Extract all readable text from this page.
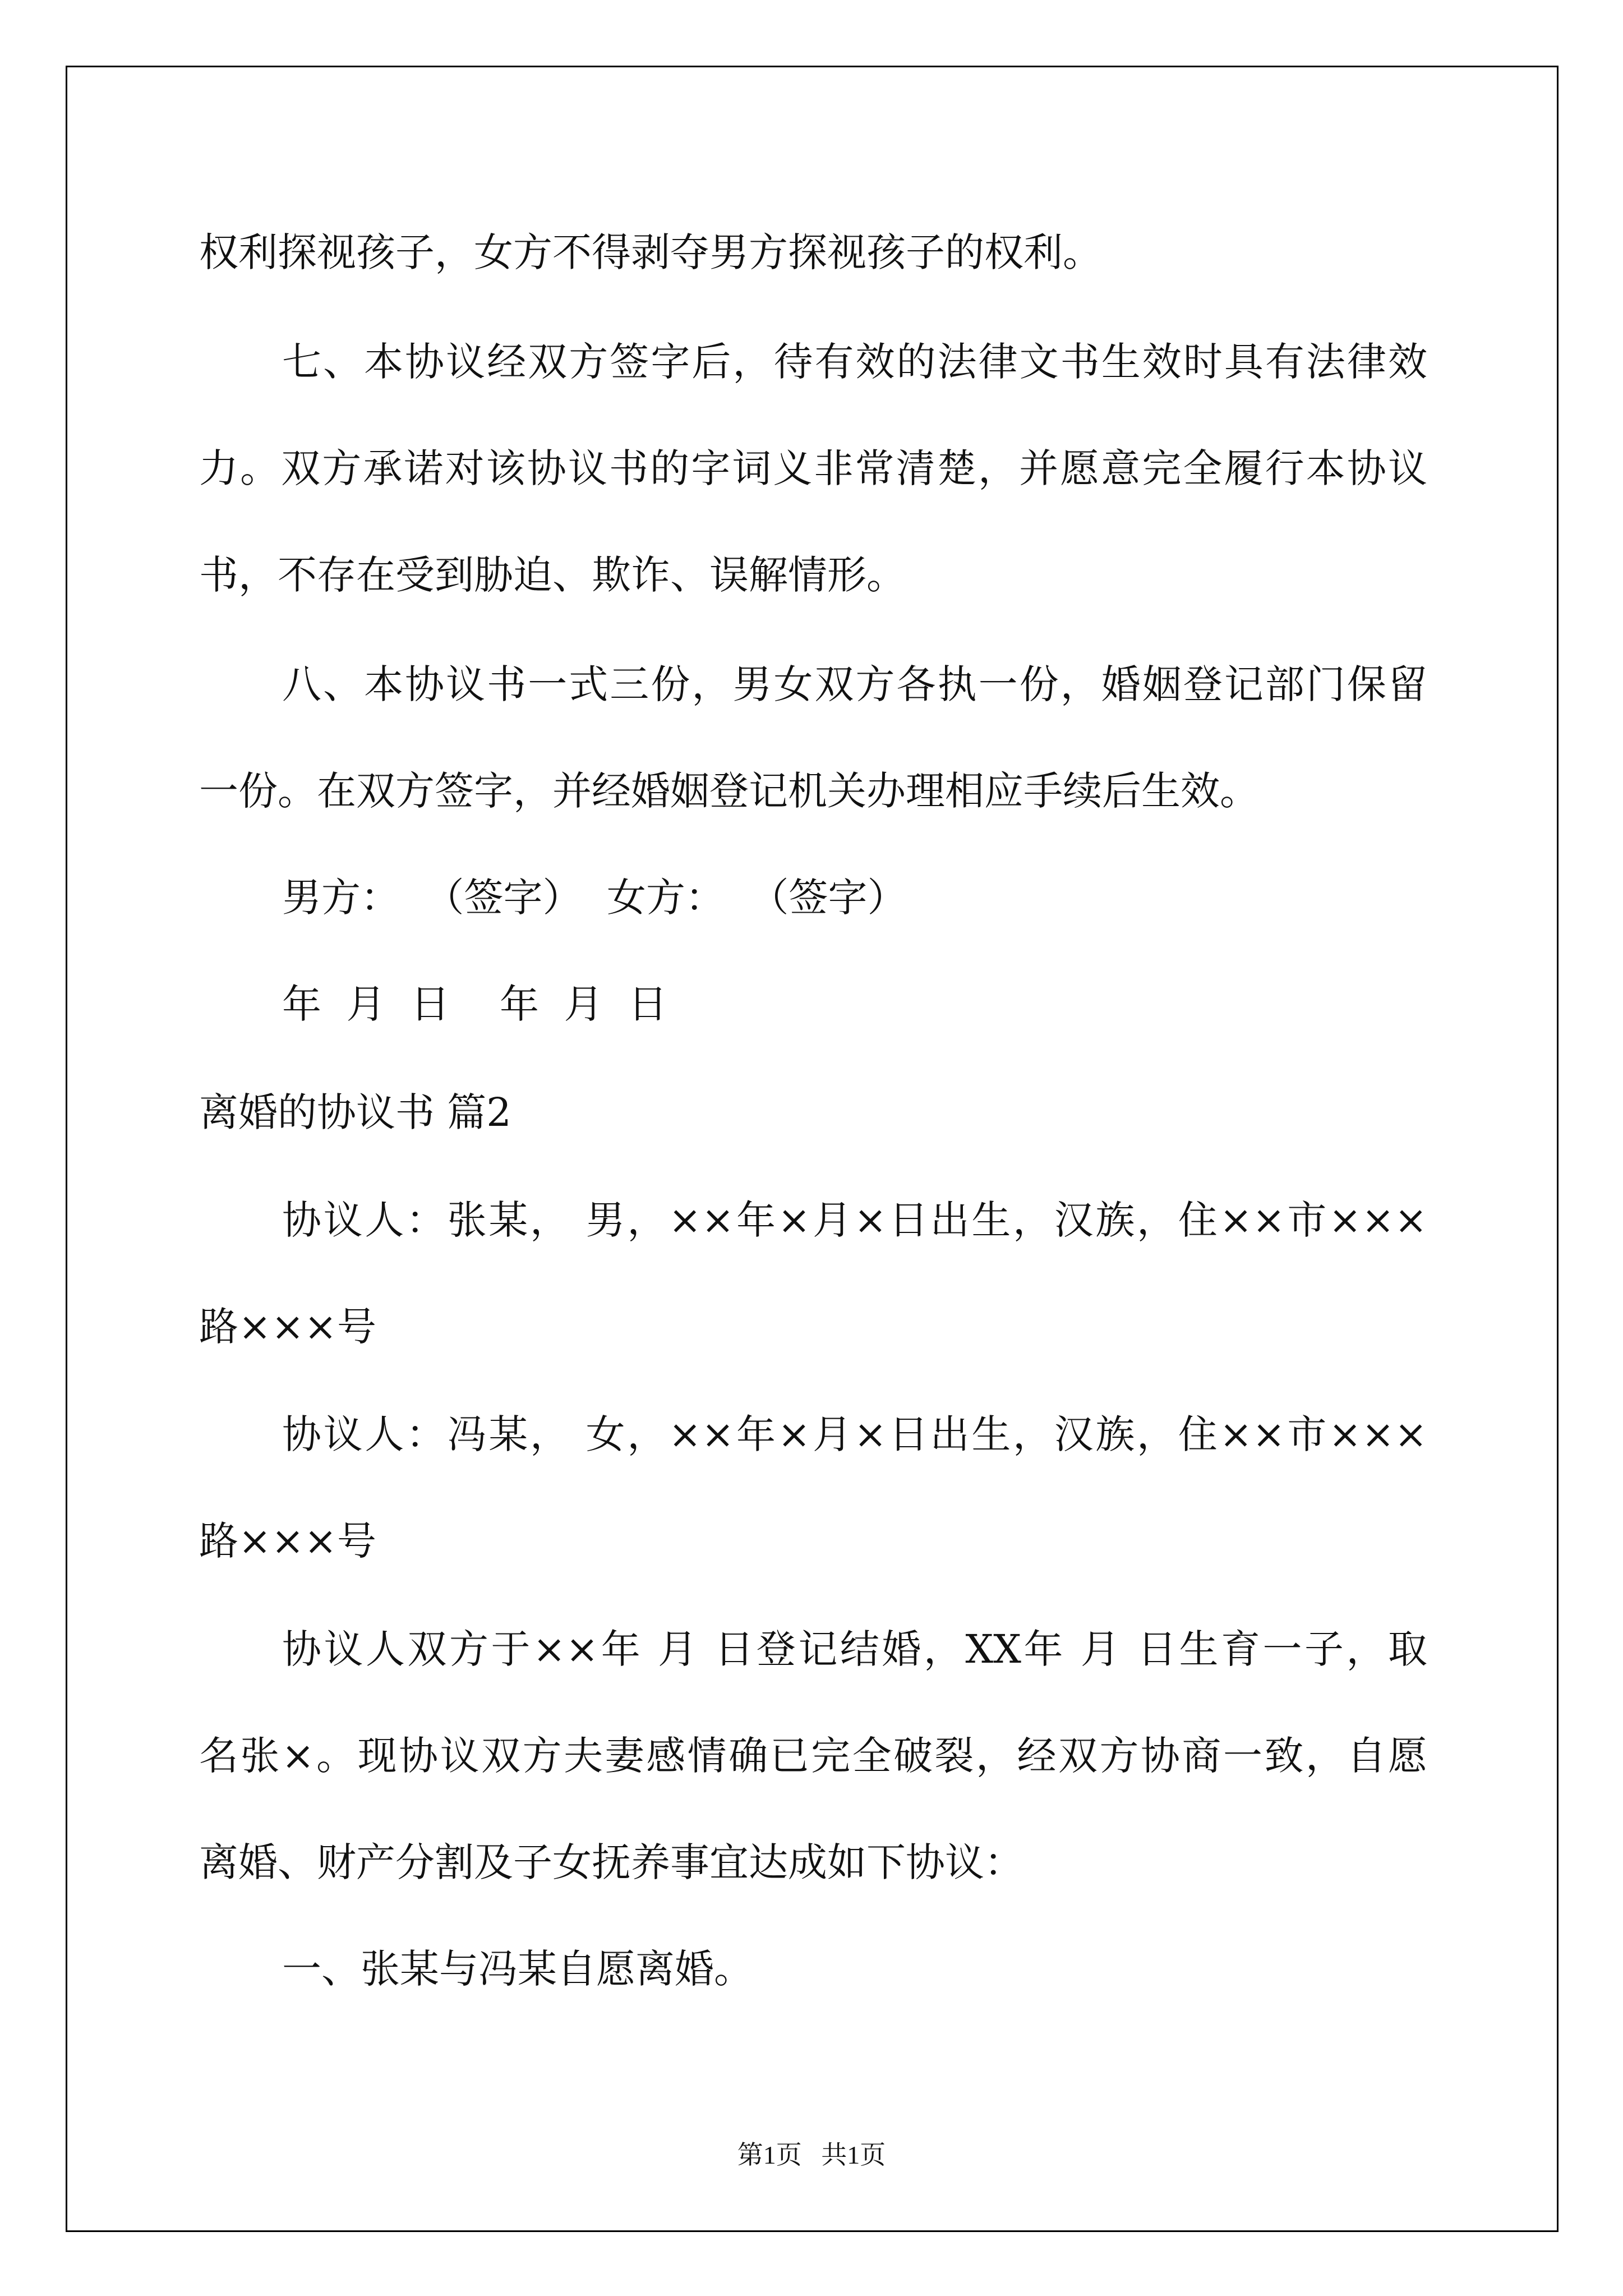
权利探视孩子，女方不得剥夺男方探视孩子的权利。
七、本协议经双方签字后，待有效的法律文书生效时具有法律效
力。双方承诺对该协议书的字词义非常清楚，并愿意完全履行本协议
书，不存在受到胁迫、欺诈、误解情形。
八、本协议书一式三份，男女双方各执一份，婚姻登记部门保留
一份。在双方签字，并经婚姻登记机关办理相应手续后生效。
男方：  （签字）  女方：  （签字）
年  月  日    年  月  日
离婚的协议书 篇2
协议人：张某， 男，××年×月×日出生，汉族，住××市×××
路×××号
协议人：冯某， 女，××年×月×日出生，汉族，住××市×××
路×××号
协议人双方于××年 月 日登记结婚，XX年 月 日生育一子，取
名张×。现协议双方夫妻感情确已完全破裂，经双方协商一致，自愿
离婚、财产分割及子女抚养事宜达成如下协议：
一、张某与冯某自愿离婚。
第1页   共1页
